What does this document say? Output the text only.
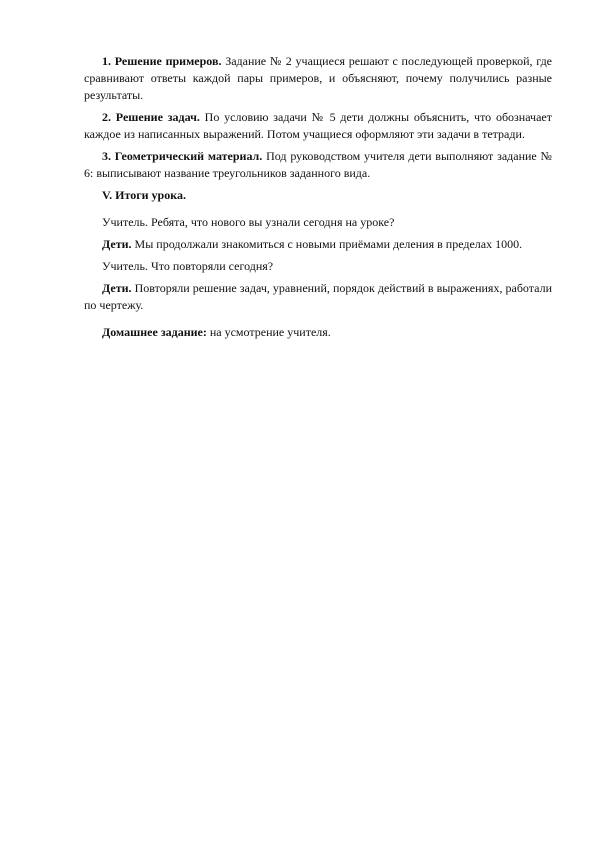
1. Решение примеров. Задание № 2 учащиеся решают с последующей проверкой, где сравнивают ответы каждой пары примеров, и объясняют, почему получились разные результаты.

2. Решение задач. По условию задачи № 5 дети должны объяснить, что обозначает каждое из написанных выражений. Потом учащиеся оформляют эти задачи в тетради.

3. Геометрический материал. Под руководством учителя дети выполняют задание № 6: выписывают название треугольников заданного вида.

V. Итоги урока.

Учитель. Ребята, что нового вы узнали сегодня на уроке?

Дети. Мы продолжали знакомиться с новыми приёмами деления в пределах 1000.

Учитель. Что повторяли сегодня?

Дети. Повторяли решение задач, уравнений, порядок действий в выражениях, работали по чертежу.

Домашнее задание: на усмотрение учителя.
